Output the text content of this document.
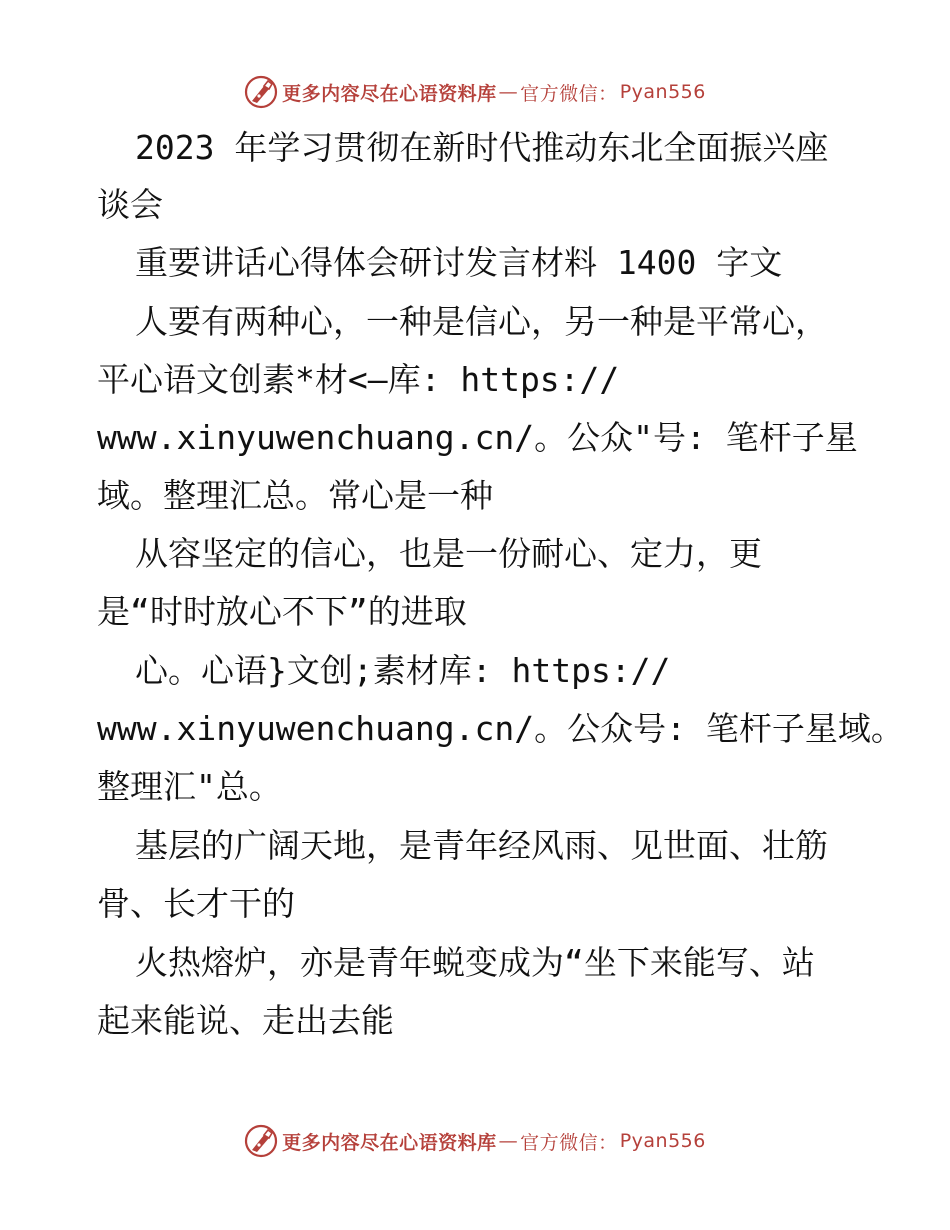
更多内容尽在心语资料库 — 官方微信： Pyan556
2023 年学习贯彻在新时代推动东北全面振兴座
谈会
重要讲话心得体会研讨发言材料 1400 字文
人要有两种心，一种是信心，另一种是平常心，
平心语文创素*材<—库: https://
www.xinyuwenchuang.cn/。公众"号: 笔杆子星
域。整理汇总。常心是一种
从容坚定的信心，也是一份耐心、定力，更
是“时时放心不下”的进取
心。心语}文创;素材库: https://
www.xinyuwenchuang.cn/。公众号: 笔杆子星域。
整理汇"总。
基层的广阔天地，是青年经风雨、见世面、壮筋
骨、长才干的
火热熔炉，亦是青年蜕变成为“坐下来能写、站
起来能说、走出去能
更多内容尽在心语资料库 — 官方微信： Pyan556
